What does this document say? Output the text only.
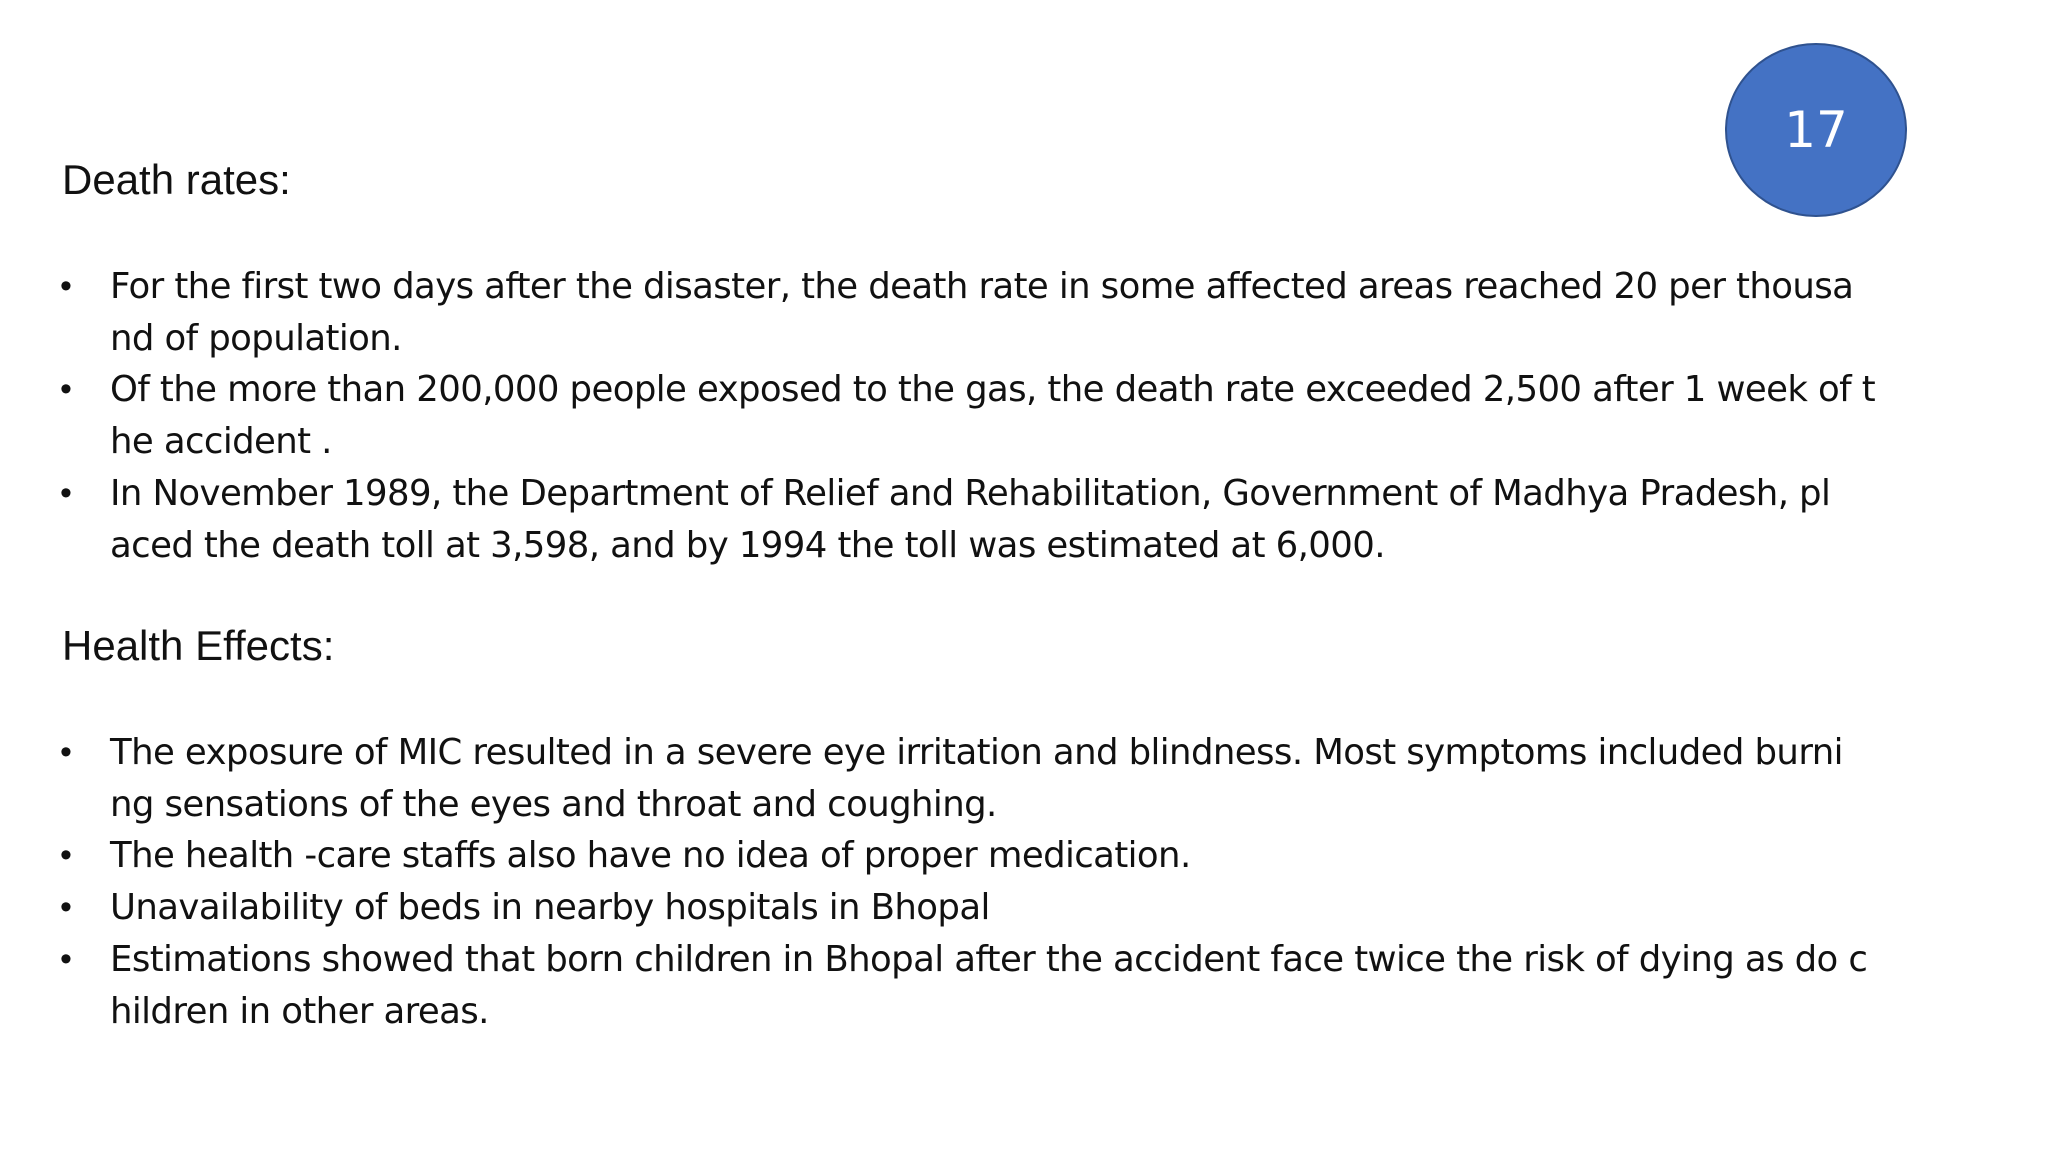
17
Death rates:
• For the first two days after the disaster, the death rate in some affected areas reached 20 per thousa
nd of population.
• Of the more than 200,000 people exposed to the gas, the death rate exceeded 2,500 after 1 week of t
he accident .
• In November 1989, the Department of Relief and Rehabilitation, Government of Madhya Pradesh, pl
aced the death toll at 3,598, and by 1994 the toll was estimated at 6,000.
Health Effects:
• The exposure of MIC resulted in a severe eye irritation and blindness. Most symptoms included burni
ng sensations of the eyes and throat and coughing.
• The health -care staffs also have no idea of proper medication.
• Unavailability of beds in nearby hospitals in Bhopal
• Estimations showed that born children in Bhopal after the accident face twice the risk of dying as do c
hildren in other areas.
